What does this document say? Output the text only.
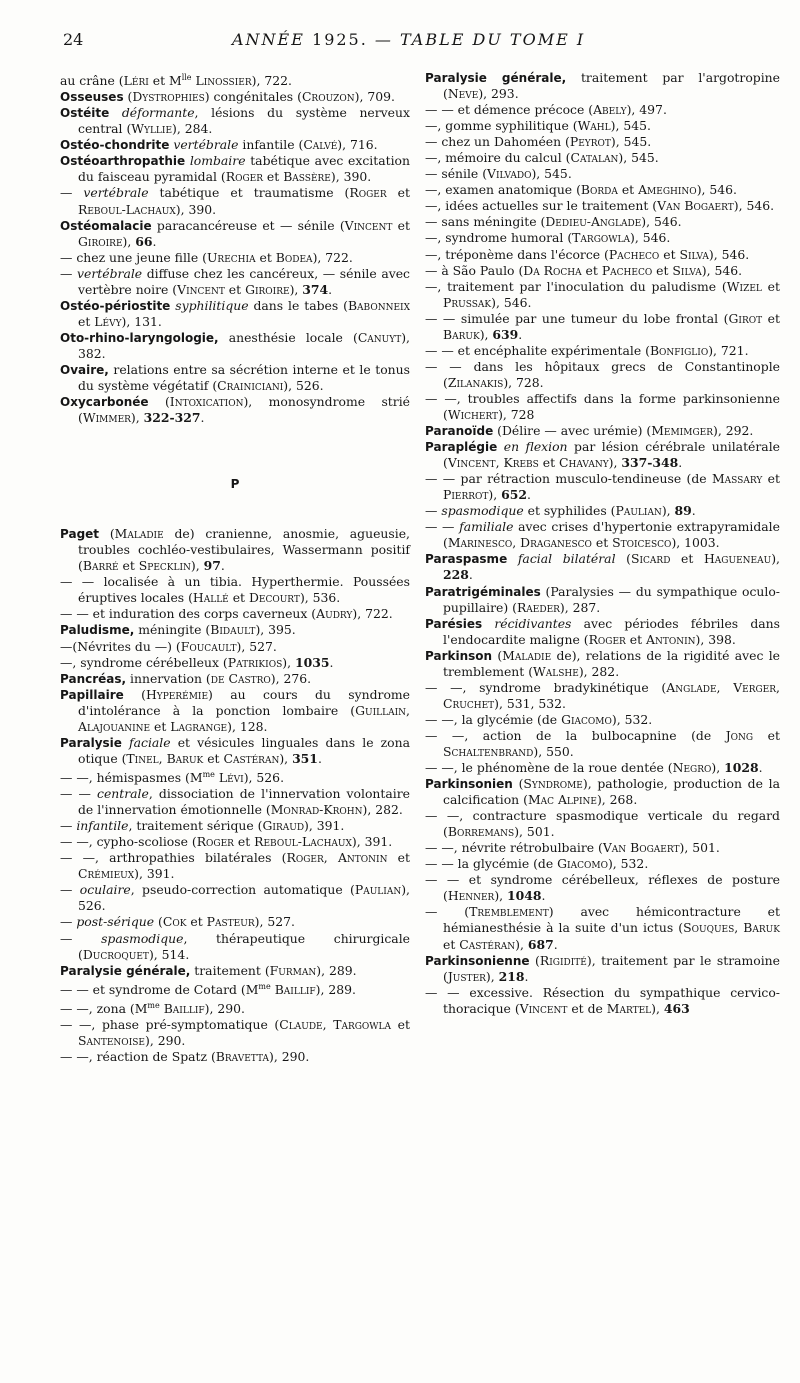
24	ANNÉE 1925. — TABLE DU TOME I

au crâne (Léri et $M^{lle}$ Linossier), 722.

Osseuses (Dystrophies) congénitales (Crouzon), 709.

Ostéite déformante, lésions du système nerveux central (Wyllie), 284.

Ostéo-chondrite vertébrale infantile (Calvé), 716.

Ostéoarthropathie lombaire tabétique avec excitation du faisceau pyramidal (Roger et Bassère), 390.

— vertébrale tabétique et traumatisme (Roger et Reboul-Lachaux), 390.

Ostéomalacie paracancéreuse et — sénile (Vincent et Giroire), 66.

— chez une jeune fille (Urechia et Bodea), 722.

— vertébrale diffuse chez les cancéreux, — sénile avec vertèbre noire (Vincent et Giroire), 374.

Ostéo-périostite syphilitique dans le tabes (Babonneix et Lévy), 131.

Oto-rhino-laryngologie, anesthésie locale (Canuyt), 382.

Ovaire, relations entre sa sécrétion interne et le tonus du système végétatif (Crainiciani), 526.

Oxycarbonée (Intoxication), monosyndrome strié (Wimmer), 322-327.

P

Paget (Maladie de) cranienne, anosmie, agueusie, troubles cochléo-vestibulaires, Wassermann positif (Barré et Specklin), 97.

— — localisée à un tibia. Hyperthermie. Poussées éruptives locales (Hallé et Decourt), 536.

— — et induration des corps caverneux (Audry), 722.

Paludisme, méningite (Bidault), 395.

—(Névrites du —) (Foucault), 527.

—, syndrome cérébelleux (Patrikios), 1035.

Pancréas, innervation (de Castro), 276.

Papillaire (Hyperémie) au cours du syndrome d'intolérance à la ponction lombaire (Guillain, Alajouanine et Lagrange), 128.

Paralysie faciale et vésicules linguales dans le zona otique (Tinel, Baruk et Castéran), 351.

— —, hémispasmes ($M^{me}$ Lévi), 526.

— — centrale, dissociation de l'innervation volontaire de l'innervation émotionnelle (Monrad-Krohn), 282.

— infantile, traitement sérique (Giraud), 391.

— —, cypho-scoliose (Roger et Reboul-Lachaux), 391.

— —, arthropathies bilatérales (Roger, Antonin et Crémieux), 391.

— oculaire, pseudo-correction automatique (Paulian), 526.

— post-sérique (Cok et Pasteur), 527.

— spasmodique, thérapeutique chirurgicale (Ducroquet), 514.

Paralysie générale, traitement (Furman), 289.

— — et syndrome de Cotard ($M^{me}$ Baillif), 289.

— —, zona ($M^{me}$ Baillif), 290.

— —, phase pré-symptomatique (Claude, Targowla et Santenoise), 290.

— —, réaction de Spatz (Bravetta), 290.

Paralysie générale, traitement par l'argotropine (Neve), 293.

— — et démence précoce (Abely), 497.

—, gomme syphilitique (Wahl), 545.

— chez un Dahoméen (Peyrot), 545.

—, mémoire du calcul (Catalan), 545.

— sénile (Vilvado), 545.

—, examen anatomique (Borda et Ameghino), 546.

—, idées actuelles sur le traitement (Van Bogaert), 546.

— sans méningite (Dedieu-Anglade), 546.

—, syndrome humoral (Targowla), 546.

—, tréponème dans l'écorce (Pacheco et Silva), 546.

— à São Paulo (Da Rocha et Pacheco et Silva), 546.

—, traitement par l'inoculation du paludisme (Wizel et Prussak), 546.

— — simulée par une tumeur du lobe frontal (Girot et Baruk), 639.

— — et encéphalite expérimentale (Bonfiglio), 721.

— — dans les hôpitaux grecs de Constantinople (Zilanakis), 728.

— —, troubles affectifs dans la forme parkinsonienne (Wichert), 728

Paranoïde (Délire — avec urémie) (Memimger), 292.

Paraplégie en flexion par lésion cérébrale unilatérale (Vincent, Krebs et Chavany), 337-348.

— — par rétraction musculo-tendineuse (de Massary et Pierrot), 652.

— spasmodique et syphilides (Paulian), 89.

— — familiale avec crises d'hypertonie extrapyramidale (Marinesco, Draganesco et Stoicesco), 1003.

Paraspasme facial bilatéral (Sicard et Hagueneau), 228.

Paratrigéminales (Paralysies — du sympathique oculo-pupillaire) (Raeder), 287.

Parésies récidivantes avec périodes fébriles dans l'endocardite maligne (Roger et Antonin), 398.

Parkinson (Maladie de), relations de la rigidité avec le tremblement (Walshe), 282.

— —, syndrome bradykinétique (Anglade, Verger, Cruchet), 531, 532.

— —, la glycémie (de Giacomo), 532.

— —, action de la bulbocapnine (de Jong et Schaltenbrand), 550.

— —, le phénomène de la roue dentée (Negro), 1028.

Parkinsonien (Syndrome), pathologie, production de la calcification (Mac Alpine), 268.

— —, contracture spasmodique verticale du regard (Borremans), 501.

— —, névrite rétrobulbaire (Van Bogaert), 501.

— — la glycémie (de Giacomo), 532.

— — et syndrome cérébelleux, réflexes de posture (Henner), 1048.

— (Tremblement) avec hémicontracture et hémianesthésie à la suite d'un ictus (Souques, Baruk et Castéran), 687.

Parkinsonienne (Rigidité), traitement par le stramoine (Juster), 218.

— — excessive. Résection du sympathique cervico-thoracique (Vincent et de Martel), 463
